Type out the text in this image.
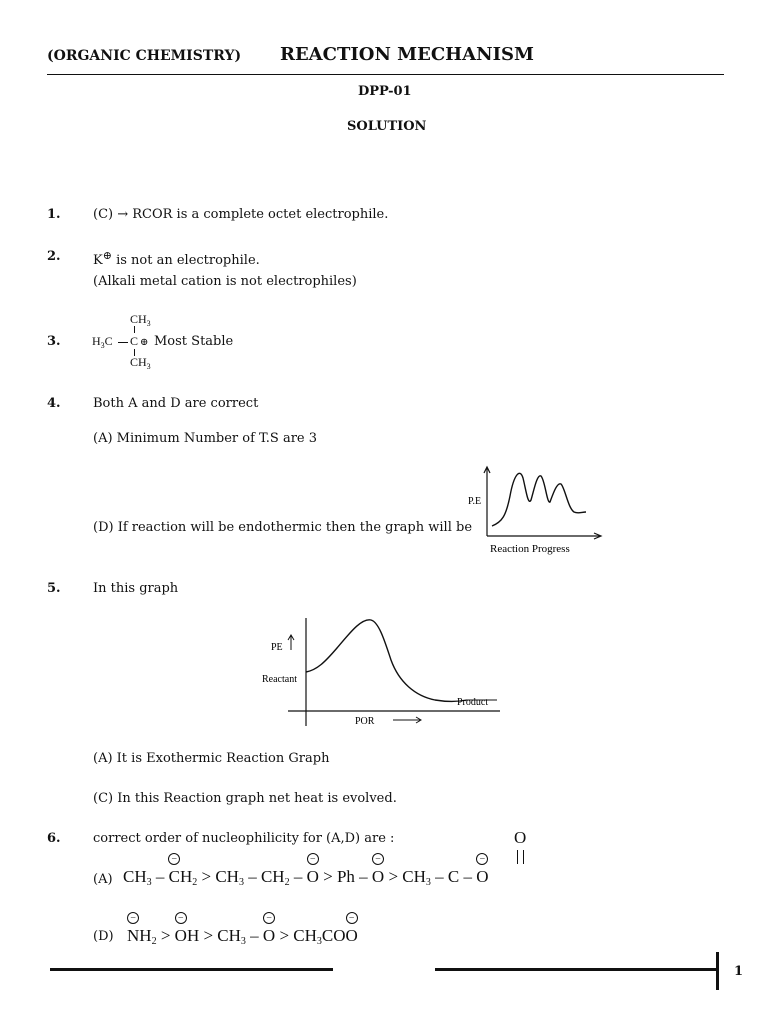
(ORGANIC CHEMISTRY) REACTION MECHANISM
DPP-01
SOLUTION
1. (C) → RCOR is a complete octet electrophile.
2. K⊕ is not an electrophile.
(Alkali metal cation is not electrophiles)
3.
$CH_3$
$H_3C$ C ⊕
$CH_3$
Most Stable
4. Both A and D are correct
(A) Minimum Number of T.S are 3
(D) If reaction will be endothermic then the graph will be
P.E
Reaction Progress
5. In this graph
PE
Reactant
Product
POR
(A) It is Exothermic Reaction Graph
(C) In this Reaction graph net heat is evolved.
6. correct order of nucleophilicity for (A,D) are :
(A) $CH_3$ – C
–
$H_2 > CH_3 - CH_2 - O$
–
> Ph – O
–
> $CH_3$ – C – O
–
O
(D) N
–
$H_2 > O$
–
$H > CH_3 - O$
–
> $CH_3COO$
–
1
